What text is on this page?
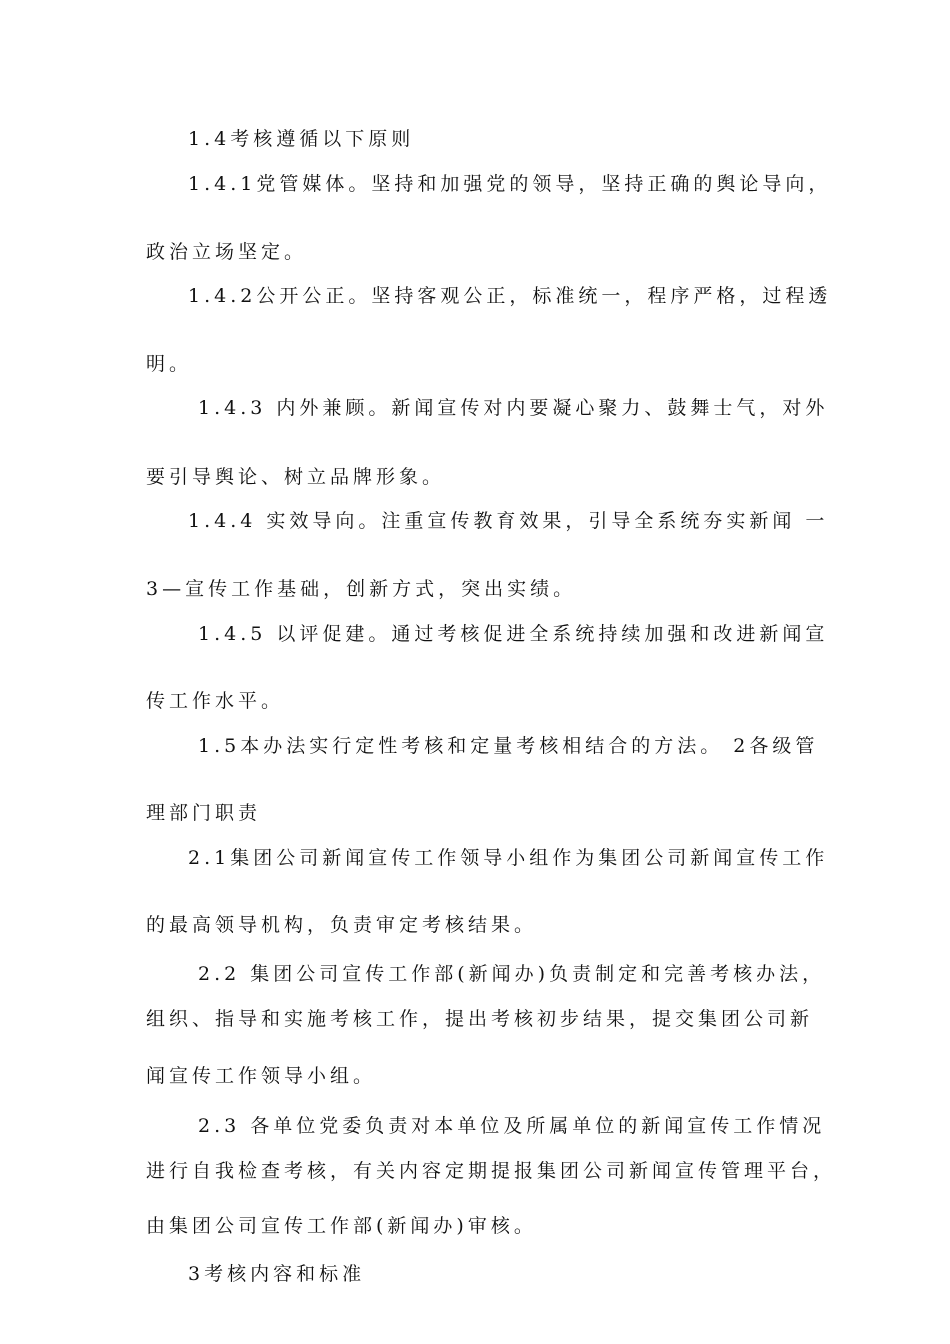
1.4考核遵循以下原则
1.4.1党管媒体。坚持和加强党的领导，坚持正确的舆论导向，
政治立场坚定。
1.4.2公开公正。坚持客观公正，标准统一，程序严格，过程透
明。
1.4.3 内外兼顾。新闻宣传对内要凝心聚力、鼓舞士气，对外
要引导舆论、树立品牌形象。
1.4.4 实效导向。注重宣传教育效果，引导全系统夯实新闻 一
3—宣传工作基础，创新方式，突出实绩。
1.4.5 以评促建。通过考核促进全系统持续加强和改进新闻宣
传工作水平。
1.5本办法实行定性考核和定量考核相结合的方法。 2各级管
理部门职责
2.1集团公司新闻宣传工作领导小组作为集团公司新闻宣传工作
的最高领导机构，负责审定考核结果。
2.2 集团公司宣传工作部(新闻办)负责制定和完善考核办法，
组织、指导和实施考核工作，提出考核初步结果，提交集团公司新
闻宣传工作领导小组。
2.3 各单位党委负责对本单位及所属单位的新闻宣传工作情况
进行自我检查考核，有关内容定期提报集团公司新闻宣传管理平台，
由集团公司宣传工作部(新闻办)审核。
3考核内容和标准
